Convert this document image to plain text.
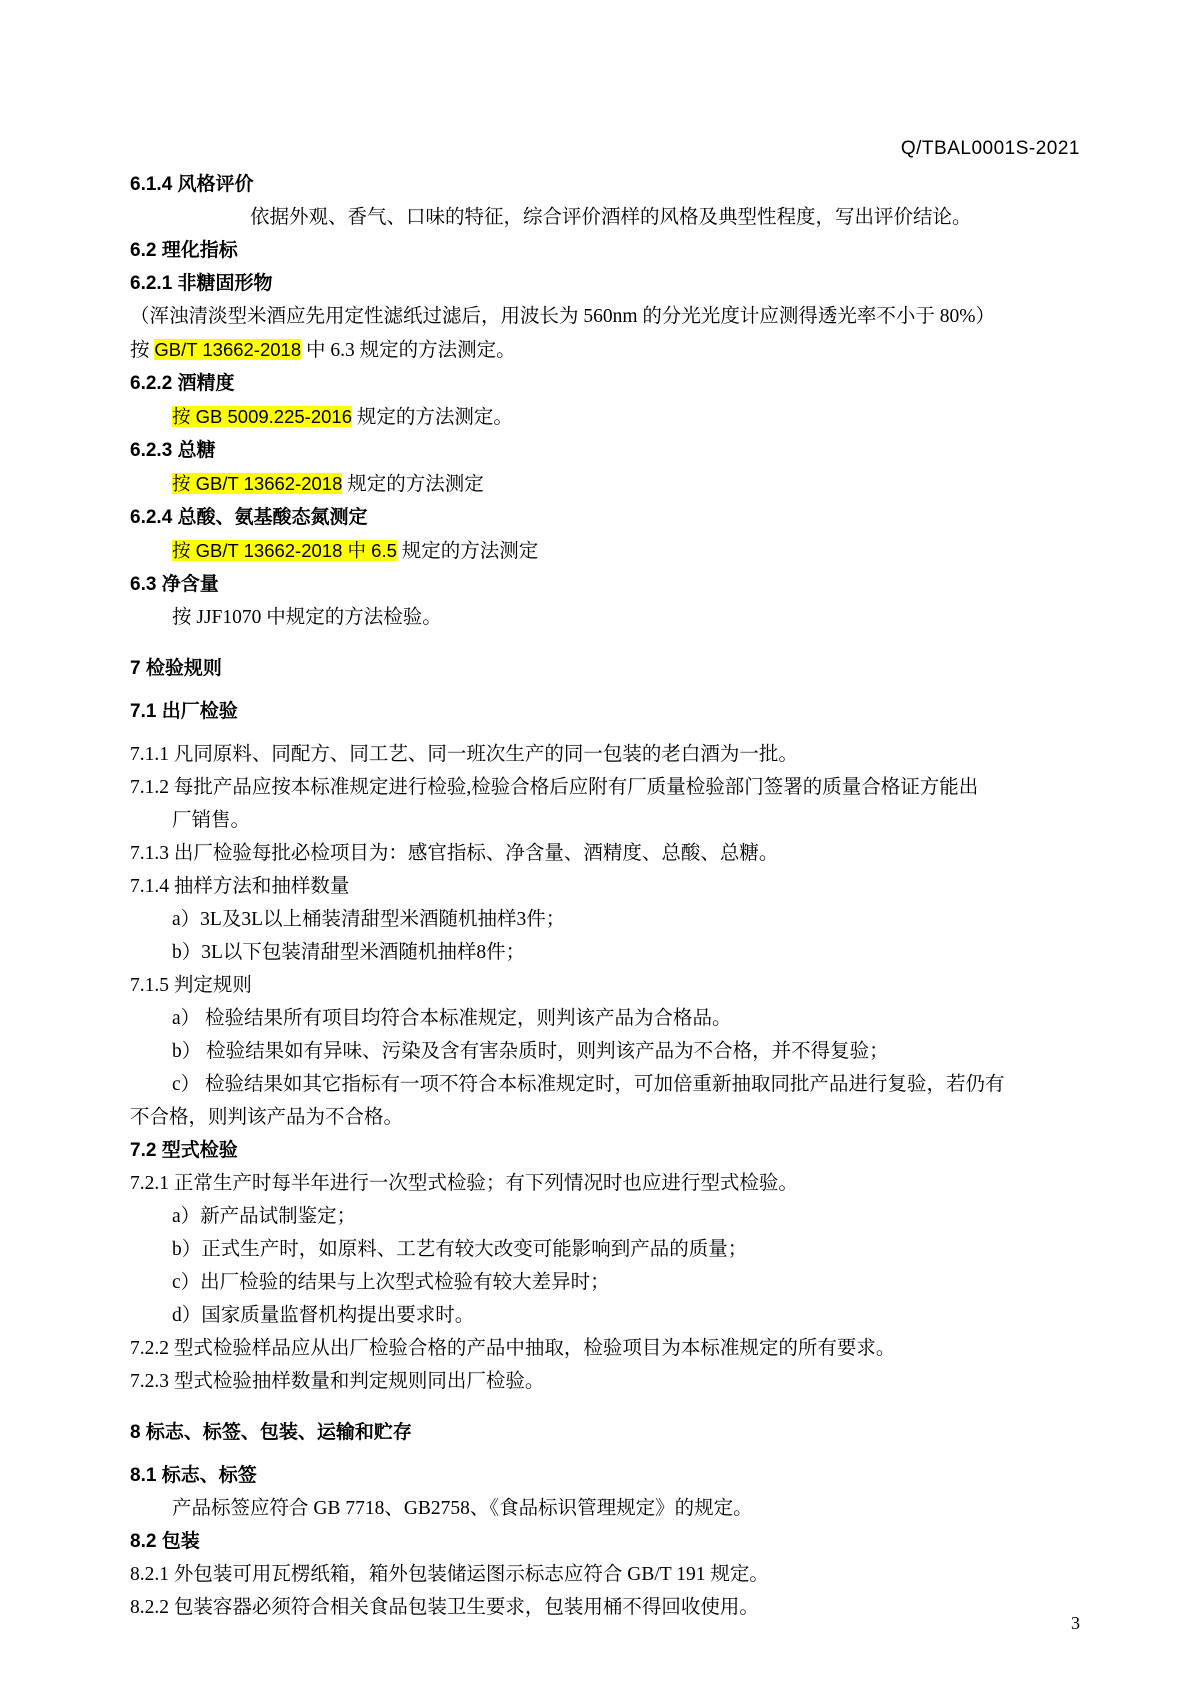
Q/TBAL0001S-2021
6.1.4 风格评价
依据外观、香气、口味的特征，综合评价酒样的风格及典型性程度，写出评价结论。
6.2 理化指标
6.2.1 非糖固形物
（浑浊清淡型米酒应先用定性滤纸过滤后，用波长为 560nm 的分光光度计应测得透光率不小于 80%）
按 GB/T 13662-2018 中 6.3 规定的方法测定。
6.2.2 酒精度
按 GB 5009.225-2016 规定的方法测定。
6.2.3 总糖
按 GB/T 13662-2018 规定的方法测定
6.2.4 总酸、氨基酸态氮测定
按 GB/T 13662-2018 中 6.5 规定的方法测定
6.3 净含量
按 JJF1070 中规定的方法检验。
7 检验规则
7.1 出厂检验
7.1.1 凡同原料、同配方、同工艺、同一班次生产的同一包装的老白酒为一批。
7.1.2 每批产品应按本标准规定进行检验,检验合格后应附有厂质量检验部门签署的质量合格证方能出
厂销售。
7.1.3 出厂检验每批必检项目为：感官指标、净含量、酒精度、总酸、总糖。
7.1.4 抽样方法和抽样数量
a）3L及3L以上桶装清甜型米酒随机抽样3件；
b）3L以下包装清甜型米酒随机抽样8件；
7.1.5 判定规则
a） 检验结果所有项目均符合本标准规定，则判该产品为合格品。
b） 检验结果如有异味、污染及含有害杂质时，则判该产品为不合格，并不得复验；
c） 检验结果如其它指标有一项不符合本标准规定时，可加倍重新抽取同批产品进行复验，若仍有
不合格，则判该产品为不合格。
7.2 型式检验
7.2.1 正常生产时每半年进行一次型式检验；有下列情况时也应进行型式检验。
a）新产品试制鉴定；
b）正式生产时，如原料、工艺有较大改变可能影响到产品的质量；
c）出厂检验的结果与上次型式检验有较大差异时；
d）国家质量监督机构提出要求时。
7.2.2 型式检验样品应从出厂检验合格的产品中抽取，检验项目为本标准规定的所有要求。
7.2.3 型式检验抽样数量和判定规则同出厂检验。
8 标志、标签、包装、运输和贮存
8.1 标志、标签
产品标签应符合 GB 7718、GB2758、《食品标识管理规定》的规定。
8.2 包装
8.2.1 外包装可用瓦楞纸箱，箱外包装储运图示标志应符合 GB/T 191 规定。
8.2.2 包装容器必须符合相关食品包装卫生要求，包装用桶不得回收使用。
3
